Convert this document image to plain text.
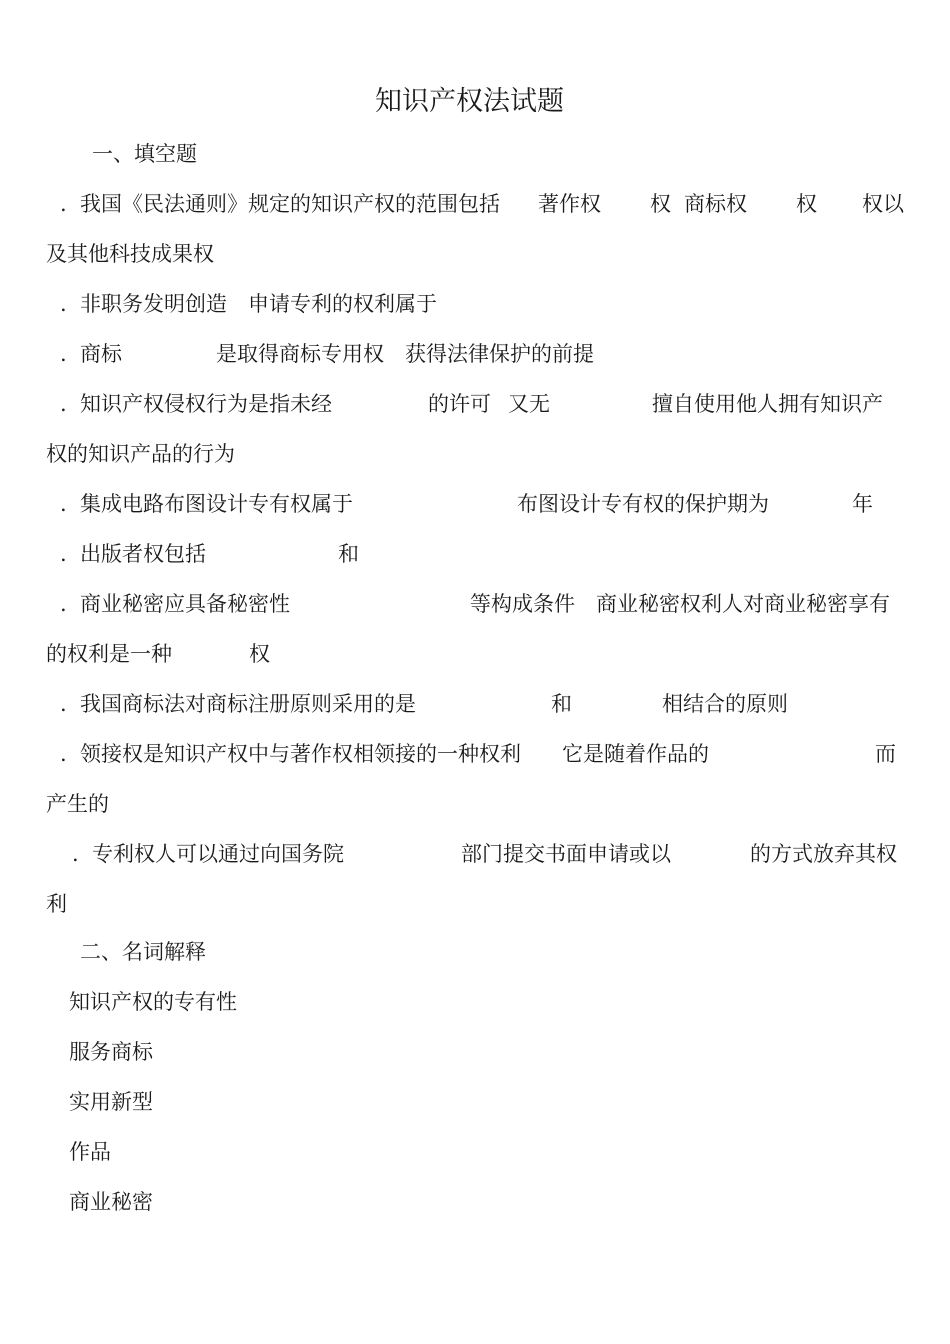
知识产权法试题
一、填空题
. 我国《民法通则》规定的知识产权的范围包括 著作权 权 商标权 权 权以
及其他科技成果权
. 非职务发明创造 申请专利的权利属于
. 商标	是取得商标专用权 获得法律保护的前提
. 知识产权侵权行为是指未经	的许可 又无	擅自使用他人拥有知识产
权的知识产品的行为
. 集成电路布图设计专有权属于	布图设计专有权的保护期为	年
. 出版者权包括	和
. 商业秘密应具备秘密性	等构成条件 商业秘密权利人对商业秘密享有
的权利是一种	权
. 我国商标法对商标注册原则采用的是	和	相结合的原则
. 领接权是知识产权中与著作权相领接的一种权利 它是随着作品的	而
产生的
. 专利权人可以通过向国务院	部门提交书面申请或以	的方式放弃其权
利
二、名词解释
知识产权的专有性
服务商标
实用新型
作品
商业秘密
